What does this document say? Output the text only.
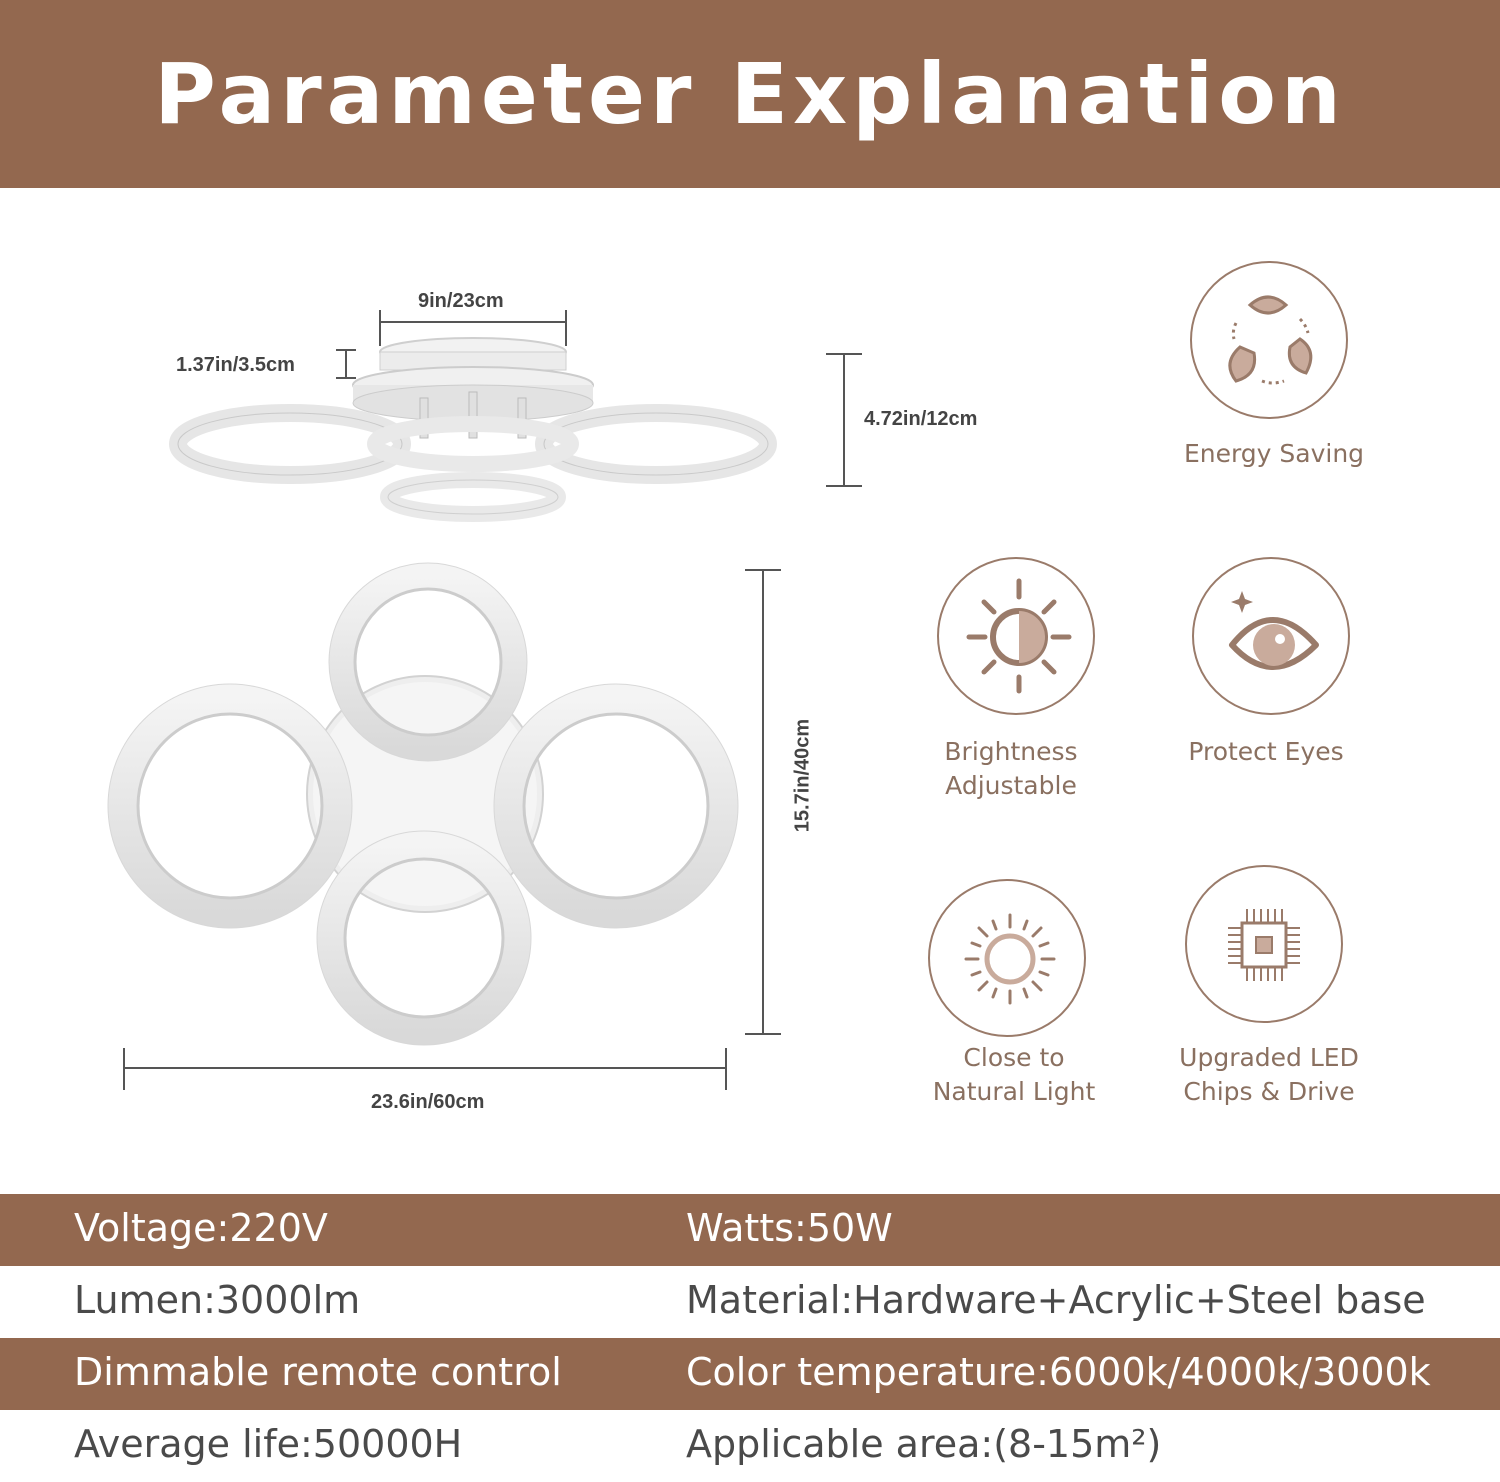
Parameter Explanation
9in/23cm
1.37in/3.5cm
4.72in/12cm
15.7in/40cm
23.6in/60cm
Energy Saving
Brightness
Adjustable
Protect Eyes
Close to
Natural Light
Upgraded LED
Chips & Drive
Voltage:220V	Watts:50W
Lumen:3000lm	Material:Hardware+Acrylic+Steel base
Dimmable remote control	Color temperature:6000k/4000k/3000k
Average life:50000H	Applicable area:(8-15m²)
